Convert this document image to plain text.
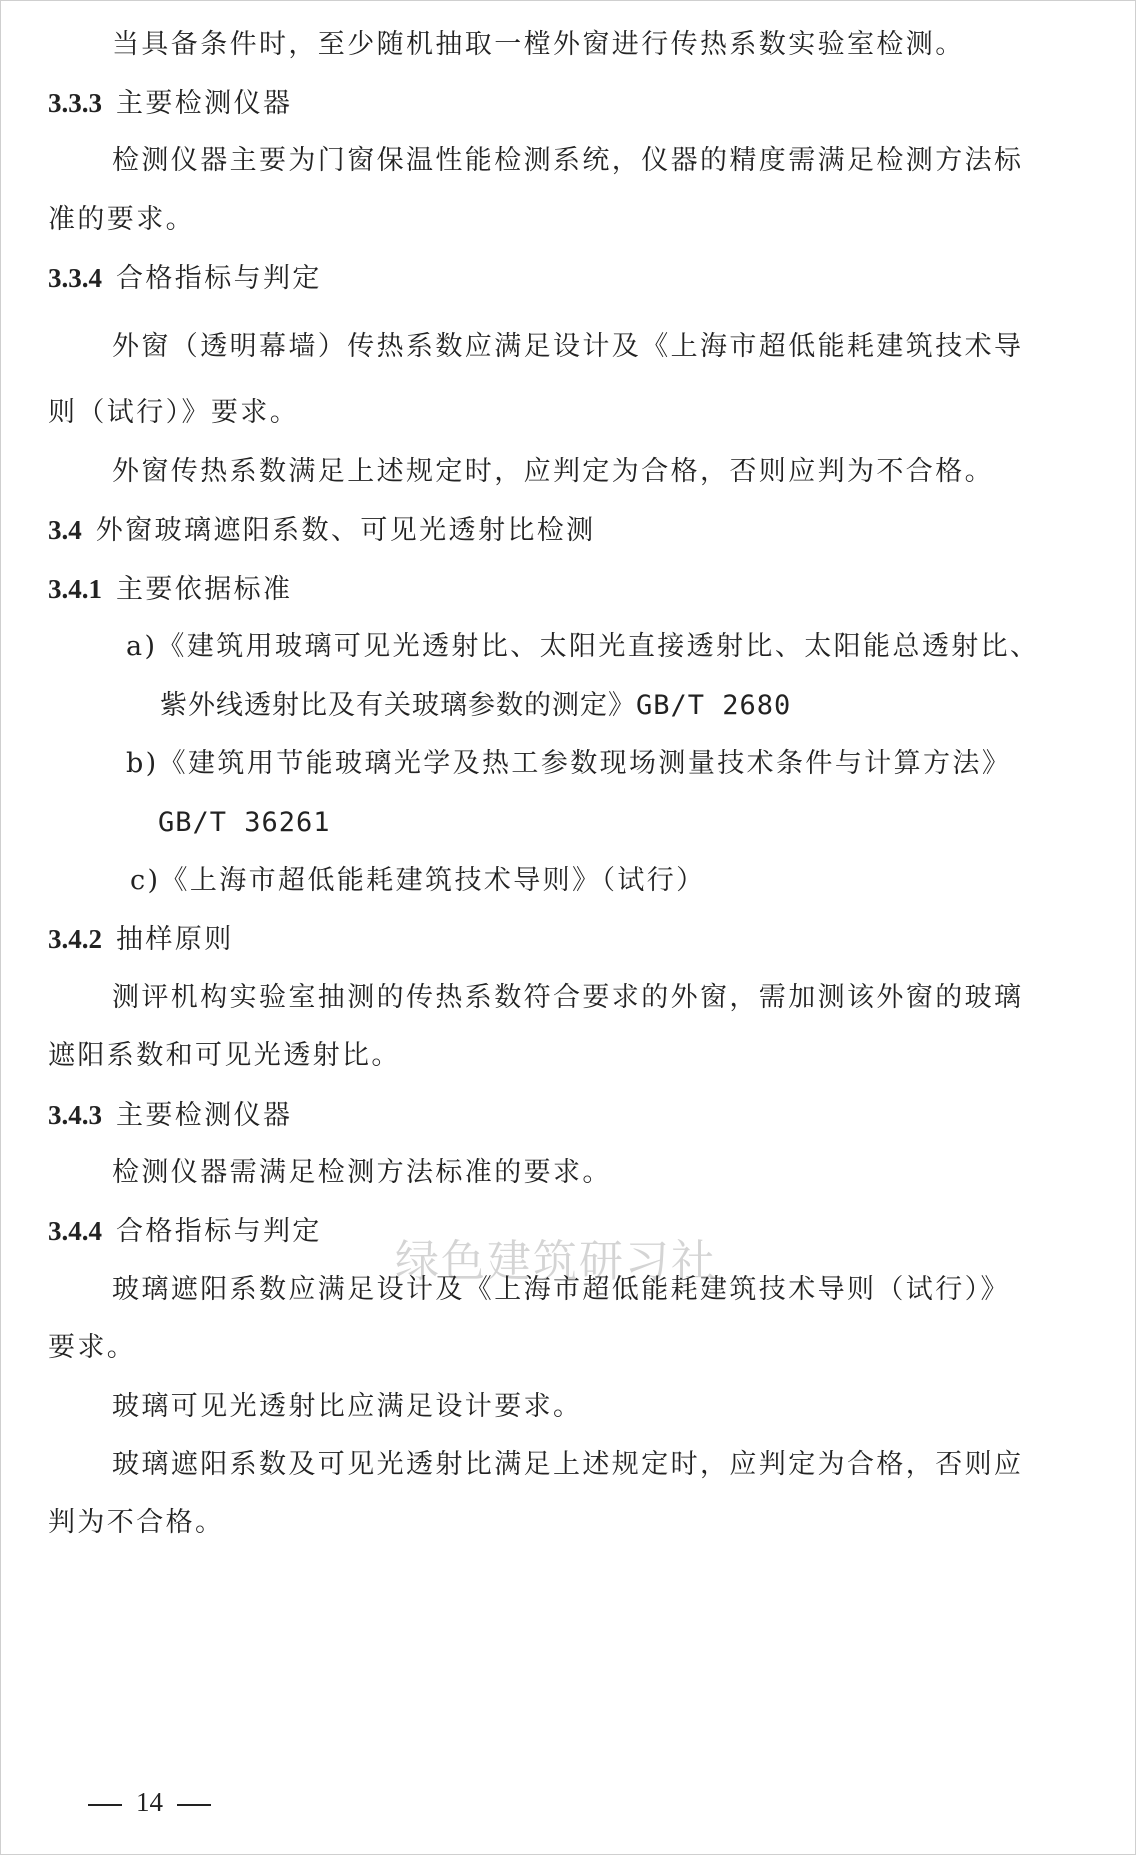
当具备条件时，至少随机抽取一樘外窗进行传热系数实验室检测。
3.3.3 主要检测仪器
检测仪器主要为门窗保温性能检测系统，仪器的精度需满足检测方法标
准的要求。
3.3.4 合格指标与判定
外窗（透明幕墙）传热系数应满足设计及《上海市超低能耗建筑技术导
则（试行）》要求。
外窗传热系数满足上述规定时，应判定为合格，否则应判为不合格。
3.4 外窗玻璃遮阳系数、可见光透射比检测
3.4.1 主要依据标准
a)《建筑用玻璃可见光透射比、太阳光直接透射比、太阳能总透射比、
紫外线透射比及有关玻璃参数的测定》GB/T 2680
b)《建筑用节能玻璃光学及热工参数现场测量技术条件与计算方法》
GB/T 36261
c)《上海市超低能耗建筑技术导则》（试行）
3.4.2 抽样原则
测评机构实验室抽测的传热系数符合要求的外窗，需加测该外窗的玻璃
遮阳系数和可见光透射比。
3.4.3 主要检测仪器
检测仪器需满足检测方法标准的要求。
3.4.4 合格指标与判定
绿色建筑研习社
玻璃遮阳系数应满足设计及《上海市超低能耗建筑技术导则（试行）》
要求。
玻璃可见光透射比应满足设计要求。
玻璃遮阳系数及可见光透射比满足上述规定时，应判定为合格，否则应
判为不合格。
14
